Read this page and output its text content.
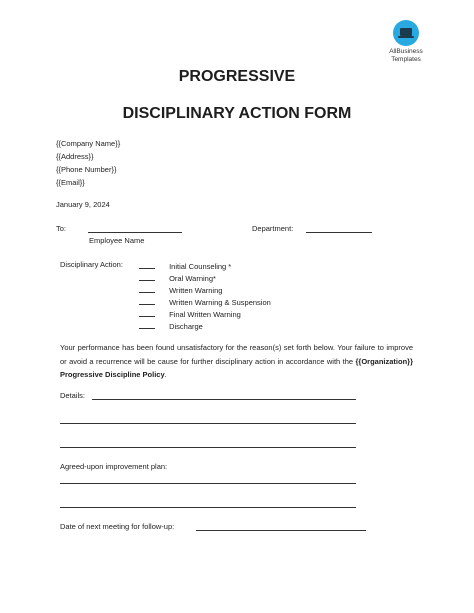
AllBusiness
Templates
PROGRESSIVE
DISCIPLINARY ACTION FORM
{{Company Name}}
{{Address}}
{{Phone Number}}
{{Email}}
January 9, 2024
To:	Department:
Employee Name
Disciplinary Action:	Initial Counseling *
Oral Warning*
Written Warning
Written Warning & Suspension
Final Written Warning
Discharge
Your performance has been found unsatisfactory for the reason(s) set forth below. Your failure to improve or avoid a recurrence will be cause for further disciplinary action in accordance with the {{Organization}} Progressive Discipline Policy.
Details:
Agreed-upon improvement plan:
Date of next meeting for follow-up:
